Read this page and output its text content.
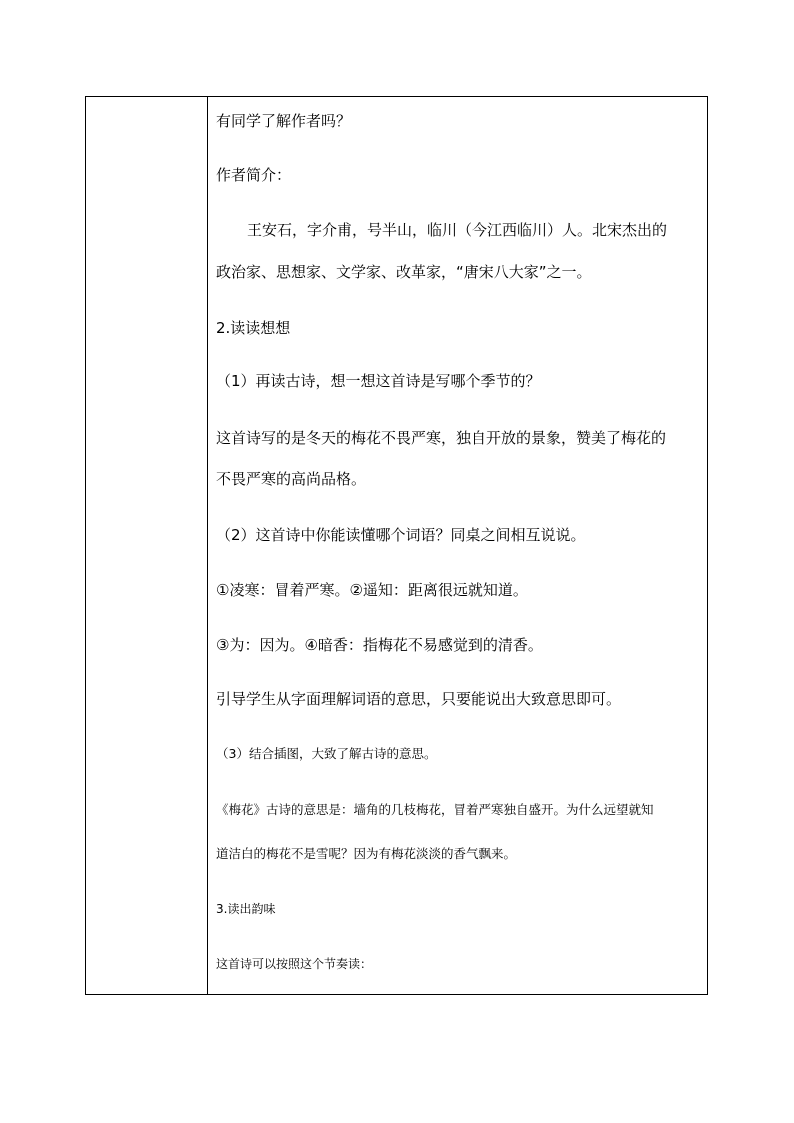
有同学了解作者吗？
作者简介：
王安石，字介甫，号半山，临川（今江西临川）人。北宋杰出的
政治家、思想家、文学家、改革家，“唐宋八大家”之一。
2.读读想想
（1）再读古诗，想一想这首诗是写哪个季节的？
这首诗写的是冬天的梅花不畏严寒，独自开放的景象，赞美了梅花的
不畏严寒的高尚品格。
（2）这首诗中你能读懂哪个词语？同桌之间相互说说。
①凌寒：冒着严寒。②遥知：距离很远就知道。
③为：因为。④暗香：指梅花不易感觉到的清香。
引导学生从字面理解词语的意思，只要能说出大致意思即可。
（3）结合插图，大致了解古诗的意思。
《梅花》古诗的意思是：墙角的几枝梅花，冒着严寒独自盛开。为什么远望就知
道洁白的梅花不是雪呢？因为有梅花淡淡的香气飘来。
3.读出韵味
这首诗可以按照这个节奏读：
